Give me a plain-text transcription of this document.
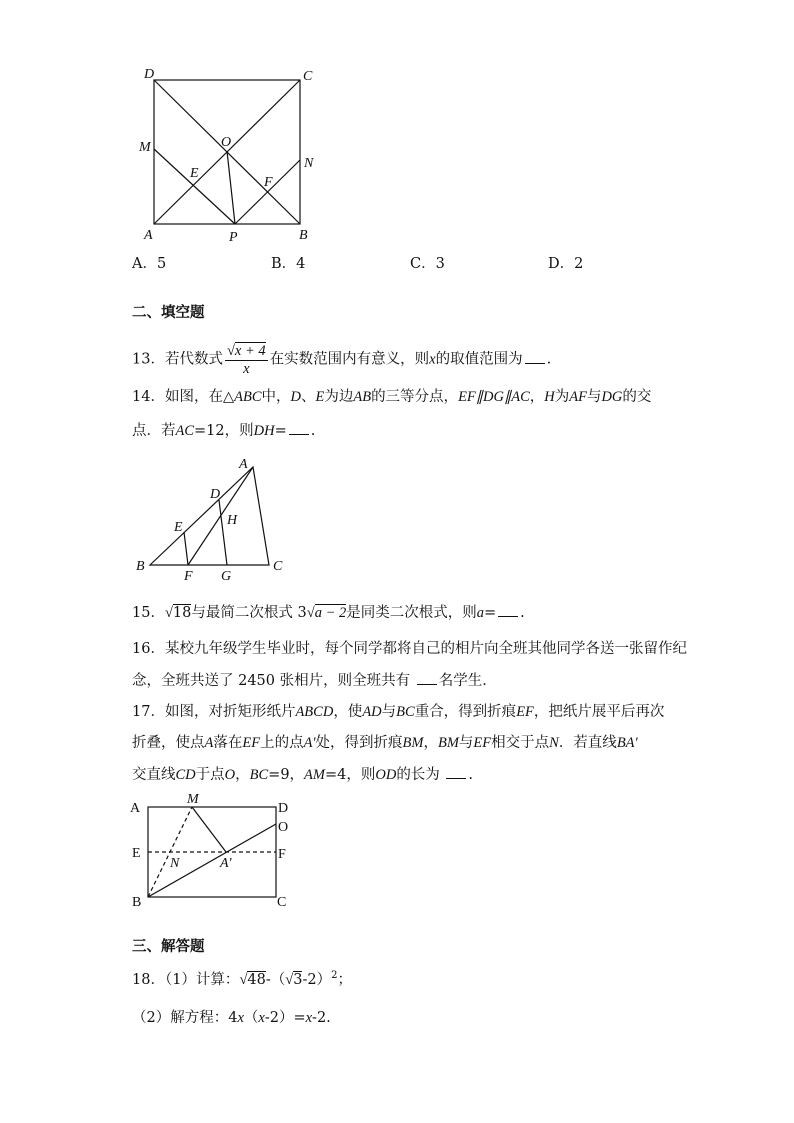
D	C
M	O
N
E
F
A	P	B
A．5	B．4	C．3	D．2
二、填空题
13．若代数式 $\frac{√x + 4}{x}$ 在实数范围内有意义，则x的取值范围为 .
14．如图，在△ABC中，D、E为边AB的三等分点，EF∥DG∥AC，H为AF与DG的交
点．若AC=12，则DH= .
A
D
E	H
B
F G
C
15．√18与最简二次根式 3√a − 2是同类二次根式，则a= .
16．某校九年级学生毕业时，每个同学都将自己的相片向全班其他同学各送一张留作纪
念，全班共送了 2450 张相片，则全班共有 名学生．
17．如图，对折矩形纸片ABCD，使AD与BC重合，得到折痕EF，把纸片展平后再次
折叠，使点A落在EF上的点A'处，得到折痕BM，BM与EF相交于点N．若直线BA'
交直线CD于点O，BC=9，AM=4，则OD的长为 .
A
M
D
O
E
N	A'
F
B	C
三、解答题
18．（1）计算：$√48-(√3-2)^2$；
（2）解方程：4x（x-2）=x-2.
